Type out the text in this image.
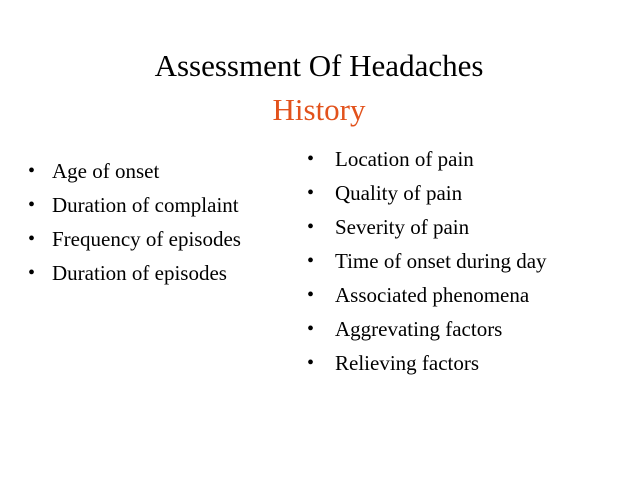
Assessment Of Headaches
History
• Age of onset
• Duration of complaint
• Frequency of episodes
• Duration of episodes
• Location of pain
• Quality of pain
• Severity of pain
• Time of onset during day
• Associated phenomena
• Aggrevating factors
• Relieving factors
